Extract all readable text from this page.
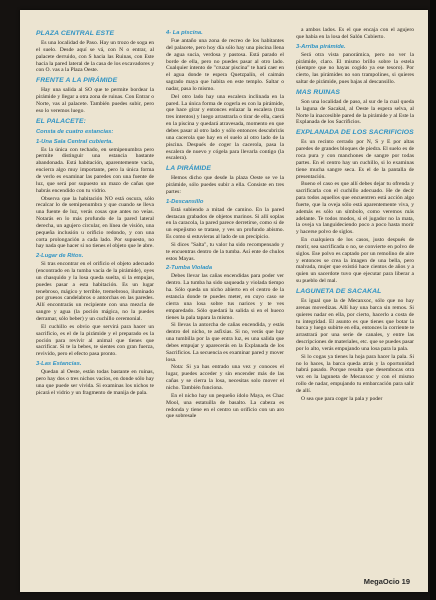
PLAZA CENTRAL ESTE

Es una localidad de Paso. Hay un trozo de soga en el suelo. Desde aquí se vá, con N o entrar, al palacete derruido, con S hacia las Ruinas, con Este hacia la pared lateral de la casa de los excavadores y con O. vas a la Plaza Oeste.

FRENTE A LA PIRÁMIDE

Hay una salida al SO que te permite bordear la pirámide y llegar a otra zona de ruinas. Con Entrar o Norte, vas al palacete. También puedes subir, pero eso lo veremos luego.

EL PALACETE:
Consta de cuatro estancias:
1-Una Sala Central cubierta.

Es la única con techado, en semipenumbra pero permite distinguir una estancia bastante abandonada. Está habitación, aparentemente vacía, encierra algo muy importante, pero la única forma de verlo es examinar las paredes con una fuente de luz, que será por supuesto un mazo de cañas que habrás encendido con tu vidrio.

Observa que la habitación NO está oscura, sólo recalcar lo de semipenumbra y que cuando se lleva una fuente de luz, verás cosas que antes no veías. Notarás en lo más profundo de la pared lateral derecha, un agujero circular, en línea de visión, una pequeña inclusión u orificio redondo, y con una corta prolongación a cada lado. Por supuesto, no hay nada que hacer si no tienes el objeto que le abre.

2-Lugar de Ritos.

Si tras encontrar en el orificio el objeto adecuado (encontrado en la tumba vacía de la pirámide), oyes un chasquido y la losa queda suelta, si la empujas, puedes pasar a esta habitación. Es un lugar tenebroso, mágico y terrible, tremebroso, iluminado por gruesos candelabros o antorchas en las paredes. Allí encontrarás un recipiente con una mezcla de sangre y agua (la poción mágica, no la puedes derramar, sólo beber) y un cuchillo ceremonial.

El cuchillo es obvio que servirá para hacer un sacrificio, es el de la pirámide y el preparado es la poción para revivir al animal que tienes que sacrificar. Si te la bebes, te sientes con gran fuerza, revivido, pero el efecto pasa pronto.

3-Las Estancias.

Quedan al Oeste, están todas bastante en ruinas, pero hay dos o tres nichos vacíos, en donde sólo hay una que puede ser vivida. Si examinas los nichos te picará el vidrio y un fragmento de manija de pala.

4- La piscina.

Fue antaño una zona de recreo de los habitantes del palacete, pero hoy día sólo hay una piscina llena de agua sucia, verdosa y pastosa. Está parado el borde de ella, pero no puedes pasar al otro lado. Cualquier intento de "cruzar piscina" te hará caer en el agua donde te espera Quetzpalín, el caimán sagrado maya que habita en este templo. Saltar o nadar, pasa lo mismo.

Del otro lado hay una escalera inclinada en la pared. La única forma de cogerla es con la pirámide, que hace girar y entonces enlazar la escalera (tras tres intentos) y luego arrastrarla o tirar de ella, caerá en la piscina y quedará atravesada, momento en que debes pasar al otro lado y sólo entonces descubrirás una cacerola que hay en el suelo al otro lado de la piscina. Después de coger la cacerola, pasa la escalera de nuevo y cógela para llevarla contigo (la escalera).

LA PIRÁMIDE

Hemos dicho que desde la plaza Oeste se ve la pirámide, sólo puedes subir a ella. Consiste en tres partes:

1-Descansillo

Está subiendo a mitad de camino. En la pared destacan grabados de objetos marinos. Si allí soplas en la caracola, la pared parece derretirse, como si de un espejismo se tratase, y ves un profundo abismo. Es como si estuvieras al lado de un precipicio.

Si dices "Salta", tu valor ha sido recompensado y te encuentras dentro de la tumba. Así ente de chulos estos Mayas.

2-Tumba Violada

Debes llevar las cañas encendidas para poder ver dentro. La tumba ha sido saqueada y violada tiempo ha. Sólo queda un nicho abierto en el centro de la estancia donde te puedes meter, en cuyo caso se cierra una losa sobre tus narices y te ves emparedado. Sólo quedará la salida si en el hueco tienes la pala tapara la mismo.

Si llevas la antorcha de cañas encendida, y estás dentro del nicho, te asfixias. Si no, verás que hay una tumbilla por la que entra luz, es una salida que debes empujar y aparecerás en la Explanada de los Sacrificios. La secuencia es examinar pared y mover losa.

Nota: Si ya has entrado una vez y conoces el lugar, puedes acceder y sin encender más de las cañas y se cierra la losa, necesitas solo mover el nicho. También funciona.

En el nicho hay un pequeño ídolo Maya, es Chac Mool, una estatuilla de basalto. La cabeza es redonda y tiene en el centro un orificio con un aro que sobresale

a ambos lados. Es el que encaja con el agujero que había en la losa del Salón Cubierto.

3-Arriba pirámide.

Será otra vista panorámica, pero no ver la pirámide, claro. El mismo brillo sobre la estela (siempre que no hayas cogido ya ese tesoro). Por cierto, las pirámides no son trampolines, si quieres saltar de pirámide, pues bajas al descansillo.

MAS RUINAS

Son una localidad de paso, al sur de la cual queda la laguna de Sacakal, al Oeste la espera selva, al Norte la inaccesible pared de la pirámide y al Este la Explanada de los Sacrificios.

EXPLANADA DE LOS SACRIFICIOS

Es un recinto cerrado por N, S y E por altas paredes de grandes bloques de piedra. El suelo es de roca pura y con manchones de sangre por todas partes. En el centro hay un cuchillo, si lo examinas tiene mucha sangre seca. Es el de la pantalla de presentación.

Bueno el caso es que allí debes dejar tu ofrenda y sacrificarla con el cuchillo adecuado. He de decir para todos aquellos que encuentren está acción algo fuerte, que la oveja sólo está aparentemente viva, y además es sólo un símbolo, como veremos más adelante. Te todos modos, si el jugador no la mata, la oveja va languideciendo poco a poco hasta morir y hacerse polvo de siglos.

En cualquiera de los casos, justo después de morir, sea sacrificada o no, se convierte en polvo de siglos. Ese polvo es captado por un remolino de aire y entonces se crea la imagen de una bella, pero malvada, mujer que existió hace cientos de años y a quien un sacerdote tuvo que ejecutar para liberar a su pueblo del mal.

LAGUNETA DE SACAKAL

Es igual que la de Mecanxoc, sólo que no hay arenas movedizas. Allí hay una barca sin remos. Si quieres nadar en ella, por cierto, hacerlo a costa de tu integridad. El asunto es que tienes que botar la barca y luego subirte en ella, entonces la corriente te arrastrará por una serie de canales, y entre las descripciones de materiales, etc. que se puedes pasar por lo alto, verás empujando una losa para la pala.

Si lo cogas ya tienes la hoja para hacer la pala. Si no lo haces, la barca queda atrás y la oportunidad habrá pasado. Porque resulta que desembocas otra vez en la laguneta de Mecanxoc y con el mismo rollo de nadar, empujando tu embarcación para salir de allí.

O sea que para coger la pala y poder

MegaOcio 19
